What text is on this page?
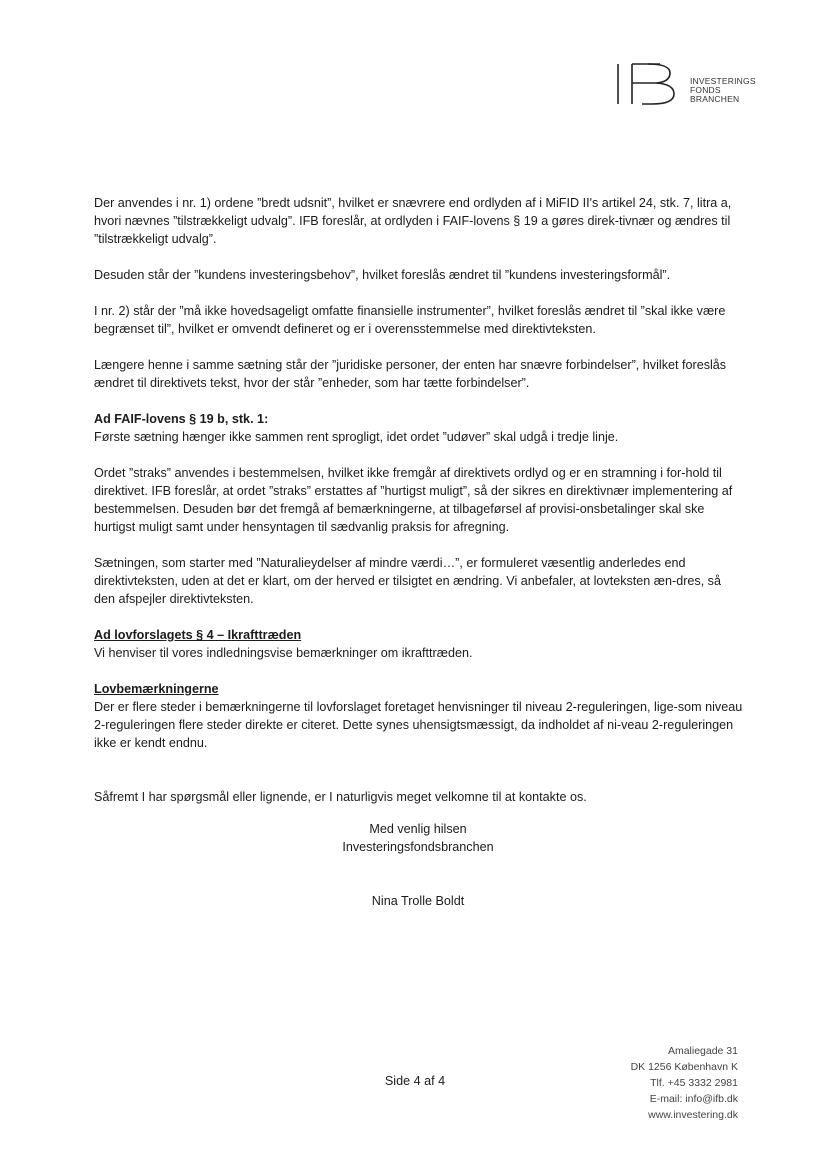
INVESTERINGS
FONDS
BRANCHEN

Der anvendes i nr. 1) ordene ”bredt udsnit”, hvilket er snævrere end ordlyden af i MiFID II's artikel 24, stk. 7, litra a, hvori nævnes ”tilstrækkeligt udvalg”. IFB foreslår, at ordlyden i FAIF-lovens § 19 a gøres direk-tivnær og ændres til ”tilstrækkeligt udvalg”.

Desuden står der ”kundens investeringsbehov”, hvilket foreslås ændret til ”kundens investeringsformål”.

I nr. 2) står der ”må ikke hovedsageligt omfatte finansielle instrumenter”, hvilket foreslås ændret til ”skal ikke være begrænset til”, hvilket er omvendt defineret og er i overensstemmelse med direktivteksten.

Længere henne i samme sætning står der ”juridiske personer, der enten har snævre forbindelser”, hvilket foreslås ændret til direktivets tekst, hvor der står ”enheder, som har tætte forbindelser”.

Ad FAIF-lovens § 19 b, stk. 1:

Første sætning hænger ikke sammen rent sprogligt, idet ordet ”udøver” skal udgå i tredje linje.

Ordet ”straks” anvendes i bestemmelsen, hvilket ikke fremgår af direktivets ordlyd og er en stramning i for-hold til direktivet. IFB foreslår, at ordet ”straks” erstattes af ”hurtigst muligt”, så der sikres en direktivnær implementering af bestemmelsen. Desuden bør det fremgå af bemærkningerne, at tilbageførsel af provisi-onsbetalinger skal ske hurtigst muligt samt under hensyntagen til sædvanlig praksis for afregning.

Sætningen, som starter med ”Naturalieydelser af mindre værdi…”, er formuleret væsentlig anderledes end direktivteksten, uden at det er klart, om der herved er tilsigtet en ændring. Vi anbefaler, at lovteksten æn-dres, så den afspejler direktivteksten.

Ad lovforslagets § 4 – Ikrafttræden

Vi henviser til vores indledningsvise bemærkninger om ikrafttræden.

Lovbemærkningerne

Der er flere steder i bemærkningerne til lovforslaget foretaget henvisninger til niveau 2-reguleringen, lige-som niveau 2-reguleringen flere steder direkte er citeret. Dette synes uhensigtsmæssigt, da indholdet af ni-veau 2-reguleringen ikke er kendt endnu.

Såfremt I har spørgsmål eller lignende, er I naturligvis meget velkomne til at kontakte os.

Med venlig hilsen
Investeringsfondsbranchen
Nina Trolle Boldt
Side 4 af 4
Amaliegade 31
DK 1256 København K
Tlf. +45 3332 2981
E-mail: info@ifb.dk
www.investering.dk
